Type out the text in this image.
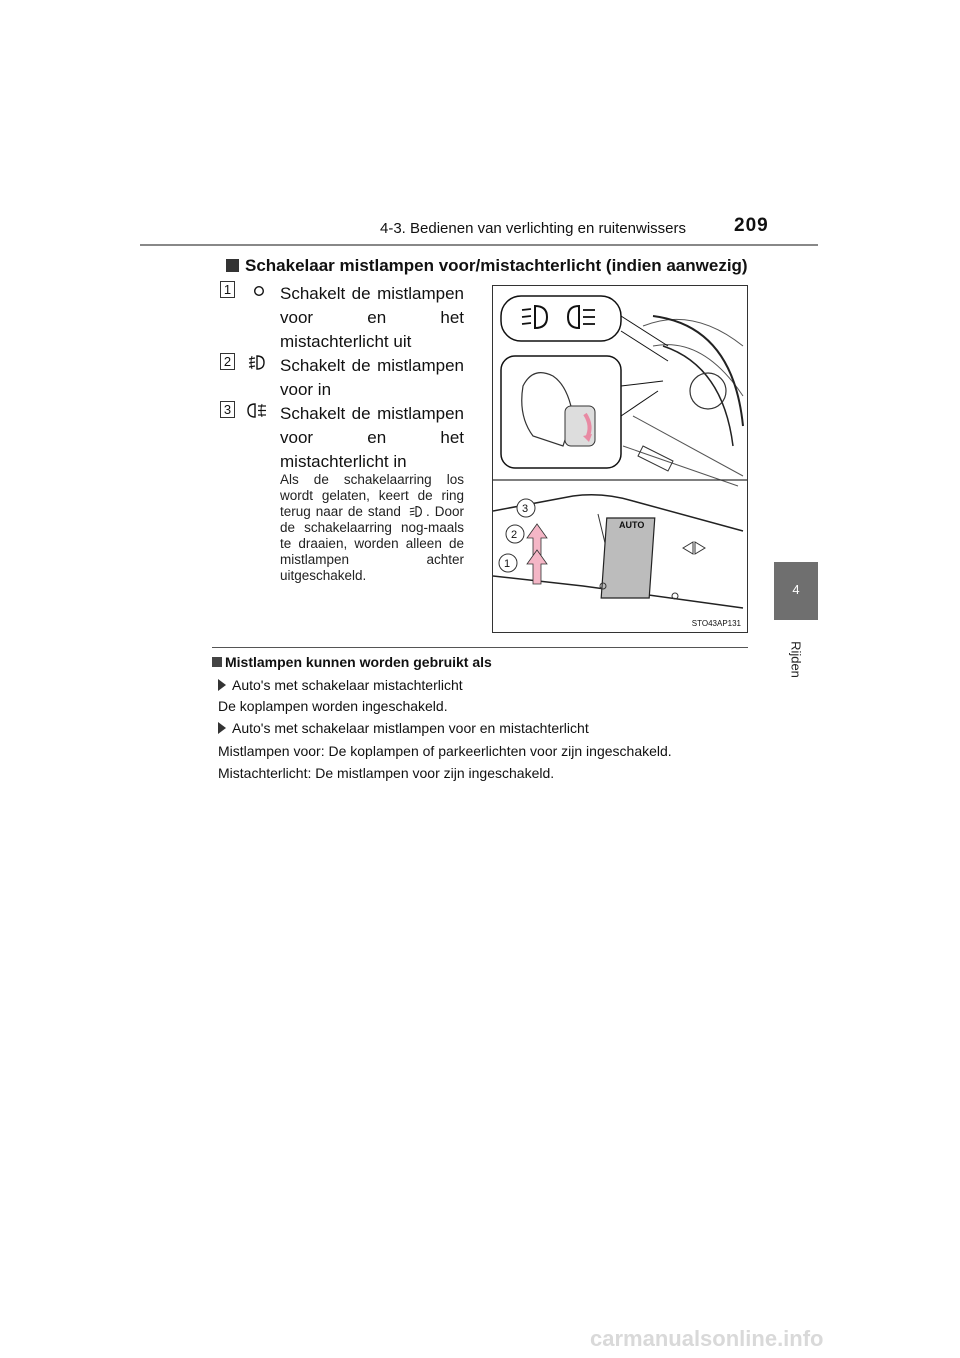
4-3. Bedienen van verlichting en ruitenwissers	209
4
Rijden
Schakelaar mistlampen voor/mistachterlicht (indien aanwezig)
1	Schakelt de mistlampen voor en het mistachterlicht uit
2	Schakelt de mistlampen voor in
3	Schakelt de mistlampen voor en het mistachterlicht in
Als de schakelaarring los wordt gelaten, keert de ring terug naar de stand . Door de schakelaarring nog-maals te draaien, worden alleen de mistlampen achter uitgeschakeld.
AUTO
3
2
1
STO43AP131
Mistlampen kunnen worden gebruikt als
Auto's met schakelaar mistachterlicht
De koplampen worden ingeschakeld.
Auto's met schakelaar mistlampen voor en mistachterlicht
Mistlampen voor: De koplampen of parkeerlichten voor zijn ingeschakeld.
Mistachterlicht: De mistlampen voor zijn ingeschakeld.
carmanualsonline.info
